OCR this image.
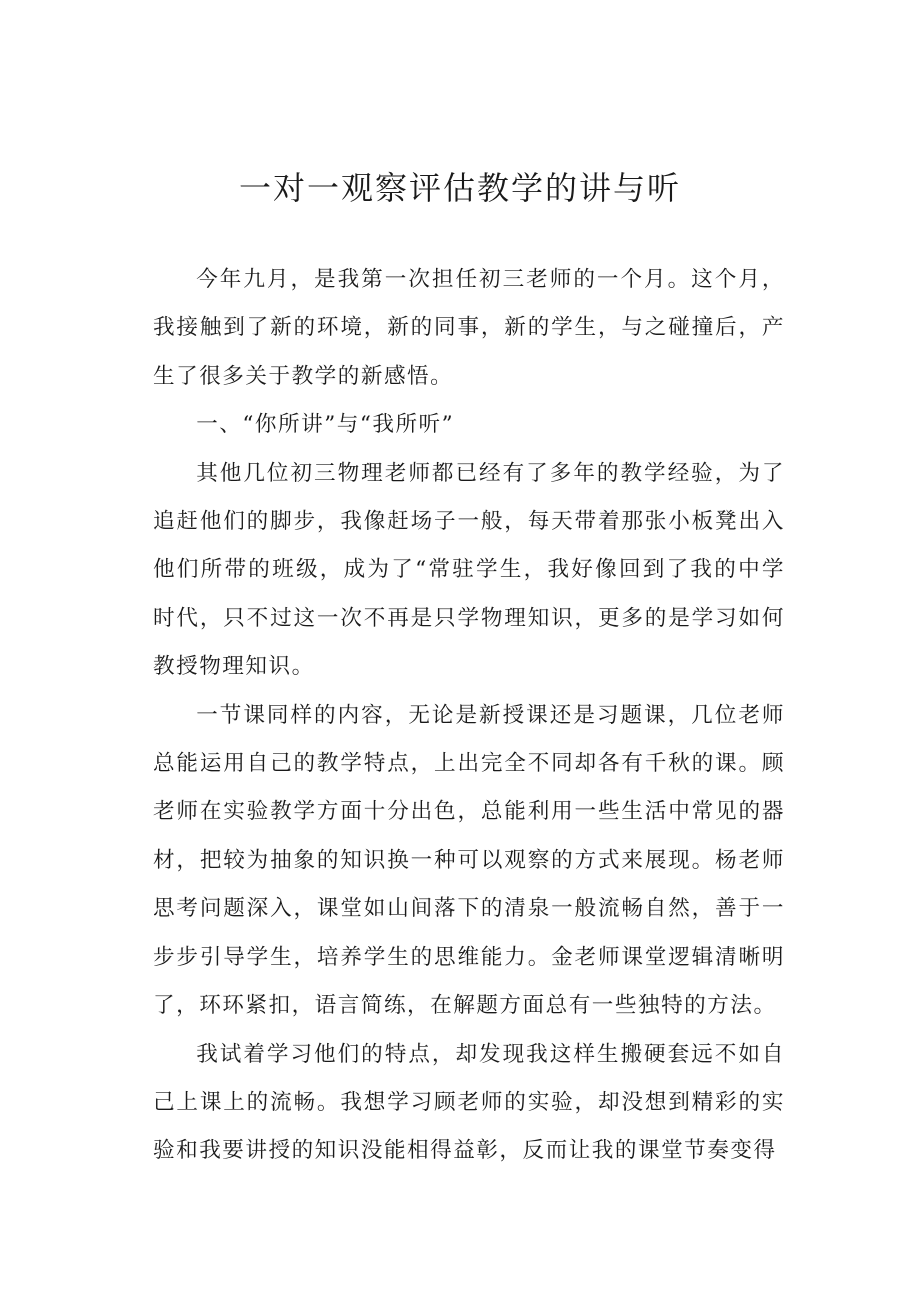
一对一观察评估教学的讲与听

今年九月，是我第一次担任初三老师的一个月。这个月，我接触到了新的环境，新的同事，新的学生，与之碰撞后，产生了很多关于教学的新感悟。

一、“你所讲”与“我所听”

其他几位初三物理老师都已经有了多年的教学经验，为了追赶他们的脚步，我像赶场子一般，每天带着那张小板凳出入他们所带的班级，成为了“常驻学生，我好像回到了我的中学时代，只不过这一次不再是只学物理知识，更多的是学习如何教授物理知识。

一节课同样的内容，无论是新授课还是习题课，几位老师总能运用自己的教学特点，上出完全不同却各有千秋的课。顾老师在实验教学方面十分出色，总能利用一些生活中常见的器材，把较为抽象的知识换一种可以观察的方式来展现。杨老师思考问题深入，课堂如山间落下的清泉一般流畅自然，善于一步步引导学生，培养学生的思维能力。金老师课堂逻辑清晰明了，环环紧扣，语言简练，在解题方面总有一些独特的方法。

我试着学习他们的特点，却发现我这样生搬硬套远不如自己上课上的流畅。我想学习顾老师的实验，却没想到精彩的实验和我要讲授的知识没能相得益彰，反而让我的课堂节奏变得
